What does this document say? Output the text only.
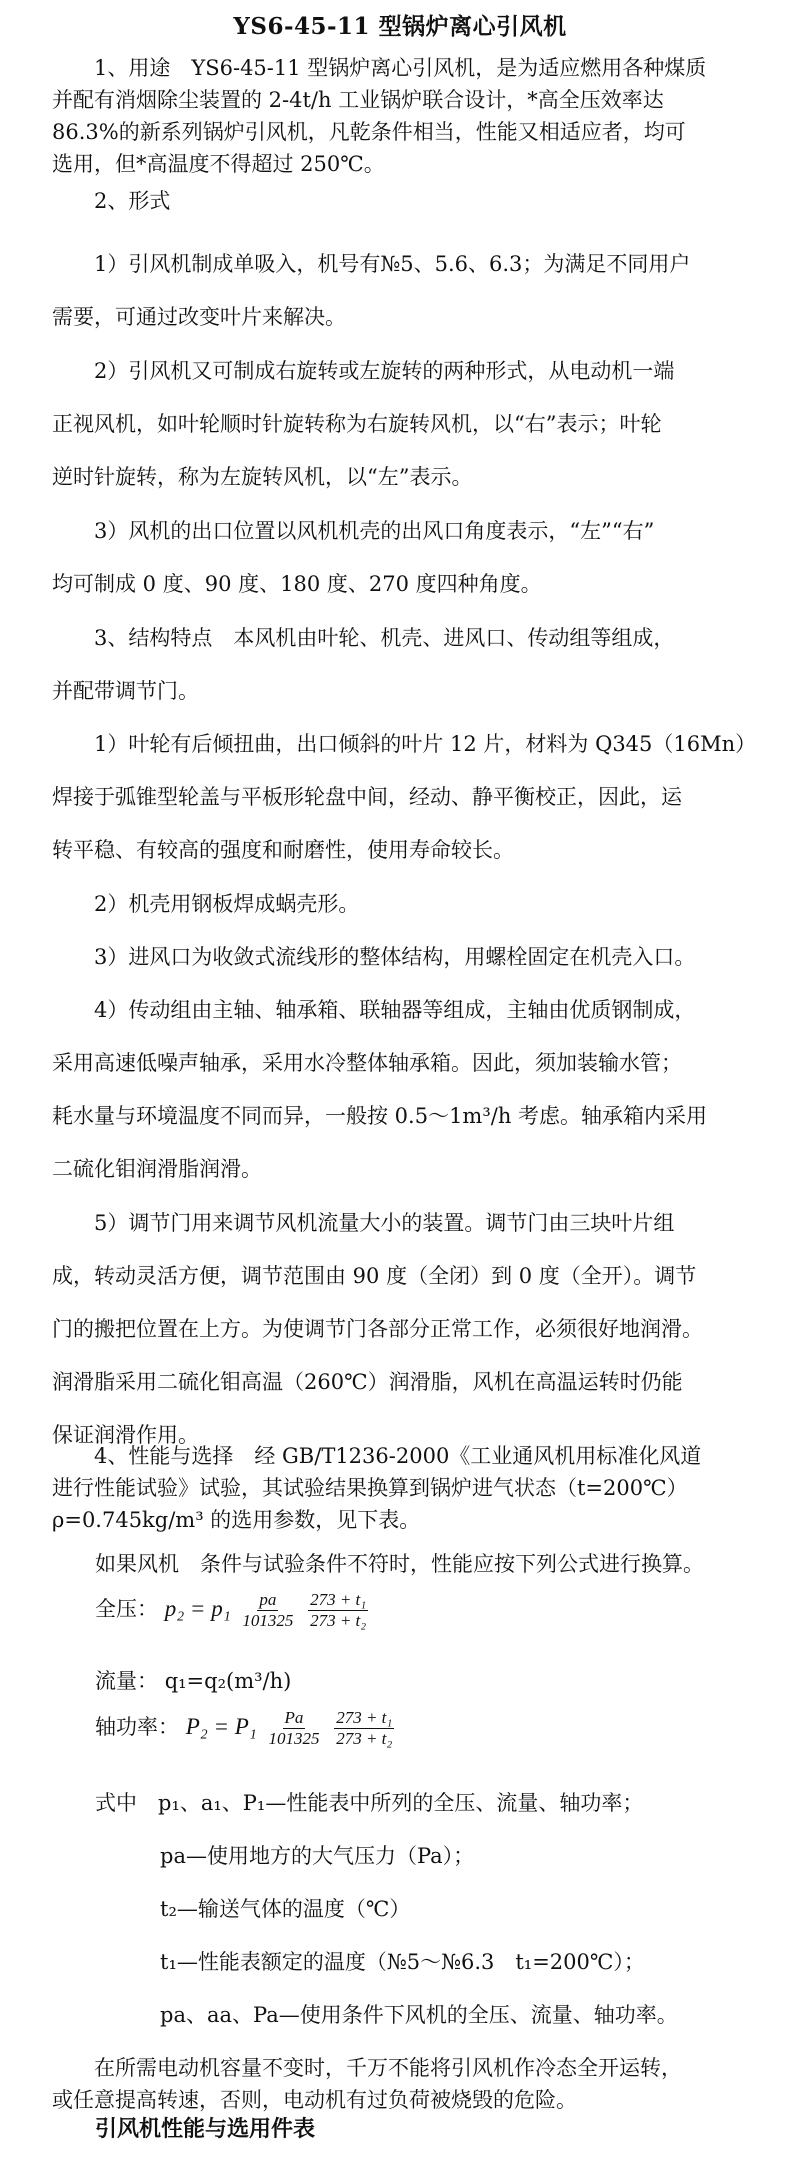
YS6-45-11 型锅炉离心引风机
1、用途　YS6-45-11 型锅炉离心引风机，是为适应燃用各种煤质
并配有消烟除尘装置的 2-4t/h 工业锅炉联合设计，*高全压效率达
86.3%的新系列锅炉引风机，凡乾条件相当，性能又相适应者，均可
选用，但*高温度不得超过 250℃。
2、形式
1）引风机制成单吸入，机号有№5、5.6、6.3；为满足不同用户
需要，可通过改变叶片来解决。
2）引风机又可制成右旋转或左旋转的两种形式，从电动机一端
正视风机，如叶轮顺时针旋转称为右旋转风机，以“右”表示；叶轮
逆时针旋转，称为左旋转风机，以“左”表示。
3）风机的出口位置以风机机壳的出风口角度表示，“左”“右”
均可制成 0 度、90 度、180 度、270 度四种角度。
3、结构特点　本风机由叶轮、机壳、进风口、传动组等组成，
并配带调节门。
1）叶轮有后倾扭曲，出口倾斜的叶片 12 片，材料为 Q345（16Mn）
焊接于弧锥型轮盖与平板形轮盘中间，经动、静平衡校正，因此，运
转平稳、有较高的强度和耐磨性，使用寿命较长。
2）机壳用钢板焊成蜗壳形。
3）进风口为收敛式流线形的整体结构，用螺栓固定在机壳入口。
4）传动组由主轴、轴承箱、联轴器等组成，主轴由优质钢制成，
采用高速低噪声轴承，采用水冷整体轴承箱。因此，须加装输水管；
耗水量与环境温度不同而异，一般按 0.5～1m³/h 考虑。轴承箱内采用
二硫化钼润滑脂润滑。
5）调节门用来调节风机流量大小的装置。调节门由三块叶片组
成，转动灵活方便，调节范围由 90 度（全闭）到 0 度（全开）。调节
门的搬把位置在上方。为使调节门各部分正常工作，必须很好地润滑。
润滑脂采用二硫化钼高温（260℃）润滑脂，风机在高温运转时仍能
保证润滑作用。
4、性能与选择　经 GB/T1236-2000《工业通风机用标准化风道
进行性能试验》试验，其试验结果换算到锅炉进气状态（t=200℃）
ρ=0.745kg/m³ 的选用参数，见下表。
如果风机　条件与试验条件不符时，性能应按下列公式进行换算。
全压： $p_2 = p_1 \frac{pa}{101325}$
$\frac{\text{273 + t₁}}{\text{273 + t₂}}$
流量： q₁=q₂(m³/h)
轴功率： $P_2 = P_1 \frac{Pa}{101325}$
$\frac{\text{273 + t₁}}{\text{273 + t₂}}$
式中　p₁、a₁、P₁—性能表中所列的全压、流量、轴功率；
pa—使用地方的大气压力（Pa）；
t₂—输送气体的温度（℃）
t₁—性能表额定的温度（№5～№6.3　t₁=200℃）；
pa、aa、Pa—使用条件下风机的全压、流量、轴功率。
在所需电动机容量不变时，千万不能将引风机作冷态全开运转，
或任意提高转速，否则，电动机有过负荷被烧毁的危险。
引风机性能与选用件表
